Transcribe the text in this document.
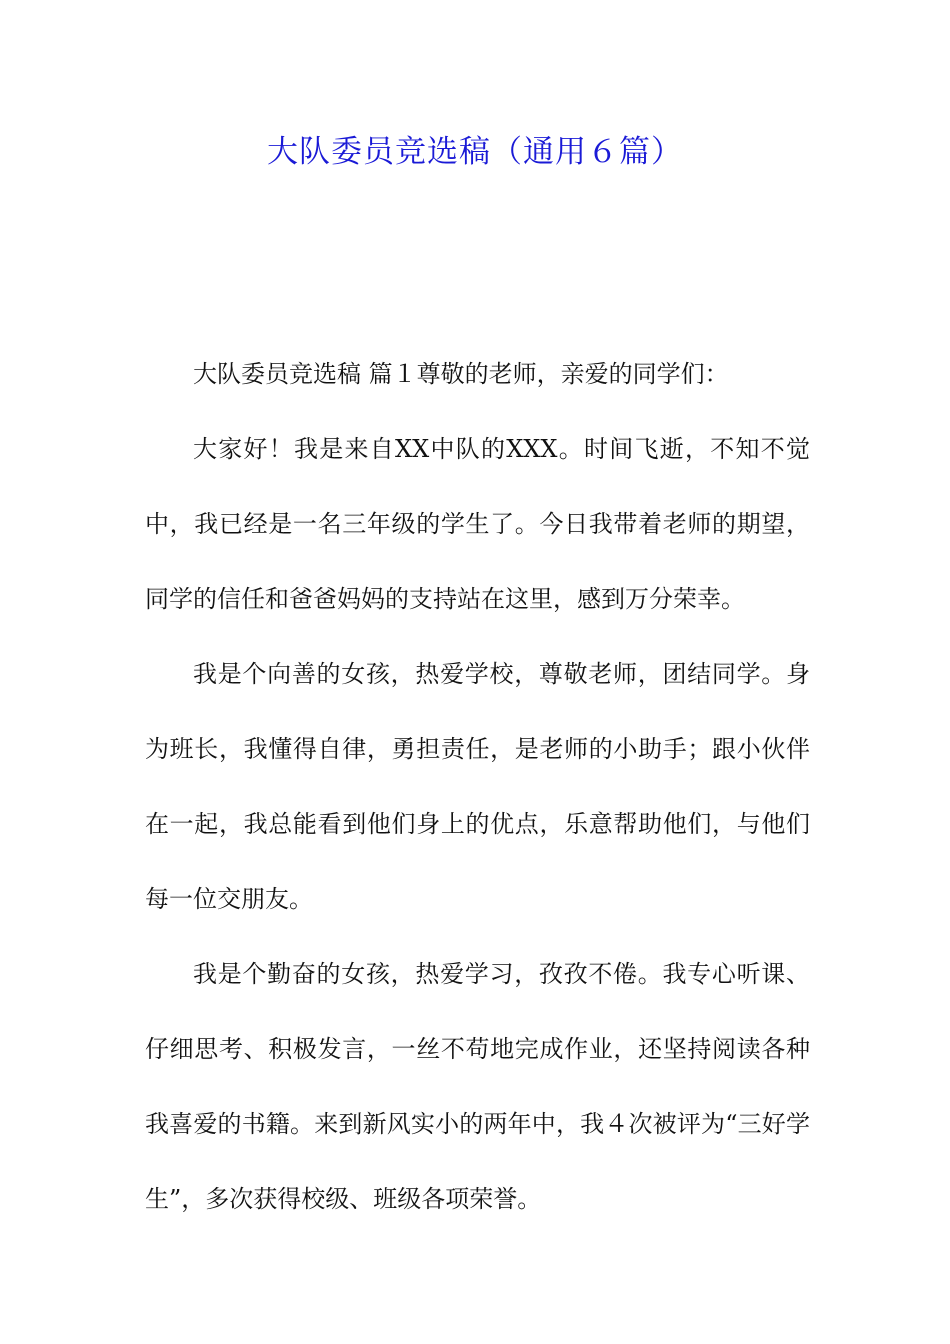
大队委员竞选稿（通用６篇）

大队委员竞选稿 篇１尊敬的老师，亲爱的同学们：

大家好！我是来自XX中队的XXX。时间飞逝，不知不觉中，我已经是一名三年级的学生了。今日我带着老师的期望，同学的信任和爸爸妈妈的支持站在这里，感到万分荣幸。

我是个向善的女孩，热爱学校，尊敬老师，团结同学。身为班长，我懂得自律，勇担责任，是老师的小助手；跟小伙伴在一起，我总能看到他们身上的优点，乐意帮助他们，与他们每一位交朋友。

我是个勤奋的女孩，热爱学习，孜孜不倦。我专心听课、仔细思考、积极发言，一丝不苟地完成作业，还坚持阅读各种我喜爱的书籍。来到新风实小的两年中，我４次被评为“三好学生”，多次获得校级、班级各项荣誉。
